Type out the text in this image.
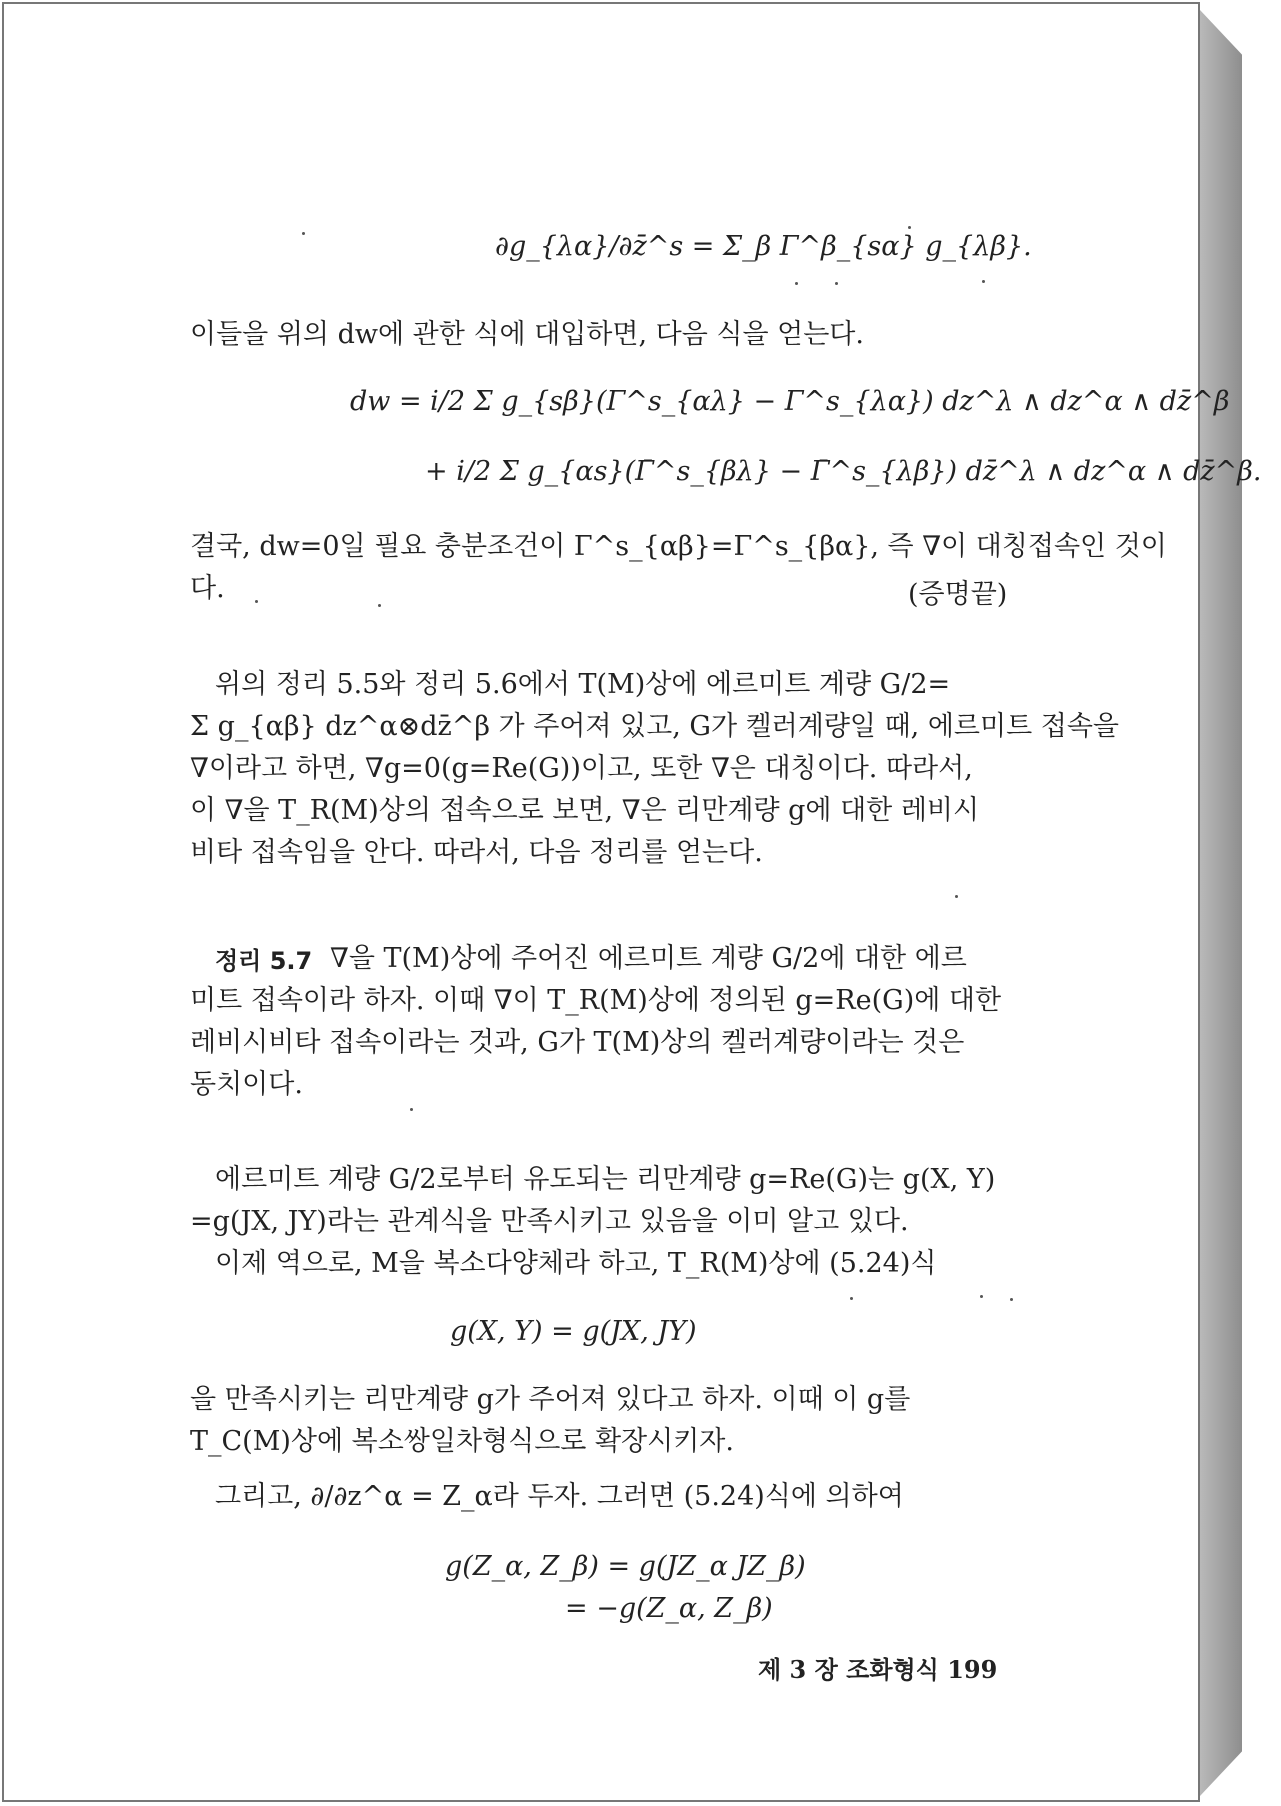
∂g_{λα}/∂z̄^s = Σ_β Γ^β_{sα} g_{λβ}.
이들을 위의 dw에 관한 식에 대입하면, 다음 식을 얻는다.
dw = i/2 Σ g_{sβ}(Γ^s_{αλ} − Γ^s_{λα}) dz^λ ∧ dz^α ∧ dz̄^β
+ i/2 Σ g_{αs}(Γ̄^s_{βλ} − Γ̄^s_{λβ}) dz̄^λ ∧ dz^α ∧ dz̄^β.
결국, dw=0일 필요 충분조건이 Γ^s_{αβ}=Γ^s_{βα}, 즉 ∇이 대칭접속인 것이
다.	(증명끝)
위의 정리 5.5와 정리 5.6에서 T(M)상에 에르미트 계량 G/2=
Σ g_{αβ} dz^α⊗dz̄^β 가 주어져 있고, G가 켈러계량일 때, 에르미트 접속을
∇이라고 하면, ∇g=0(g=Re(G))이고, 또한 ∇은 대칭이다. 따라서,
이 ∇을 T_R(M)상의 접속으로 보면, ∇은 리만계량 g에 대한 레비시
비타 접속임을 안다. 따라서, 다음 정리를 얻는다.
정리 5.7 ∇을 T(M)상에 주어진 에르미트 계량 G/2에 대한 에르
미트 접속이라 하자. 이때 ∇이 T_R(M)상에 정의된 g=Re(G)에 대한
레비시비타 접속이라는 것과, G가 T(M)상의 켈러계량이라는 것은
동치이다.
에르미트 계량 G/2로부터 유도되는 리만계량 g=Re(G)는 g(X, Y)
=g(JX, JY)라는 관계식을 만족시키고 있음을 이미 알고 있다.
이제 역으로, M을 복소다양체라 하고, T_R(M)상에 (5.24)식
g(X, Y) = g(JX, JY)
을 만족시키는 리만계량 g가 주어져 있다고 하자. 이때 이 g를
T_C(M)상에 복소쌍일차형식으로 확장시키자.
그리고, ∂/∂z^α = Z_α라 두자. 그러면 (5.24)식에 의하여
g(Z_α, Z_β) = g(JZ_α JZ_β)
= −g(Z_α, Z_β)
제 3 장 조화형식 199
